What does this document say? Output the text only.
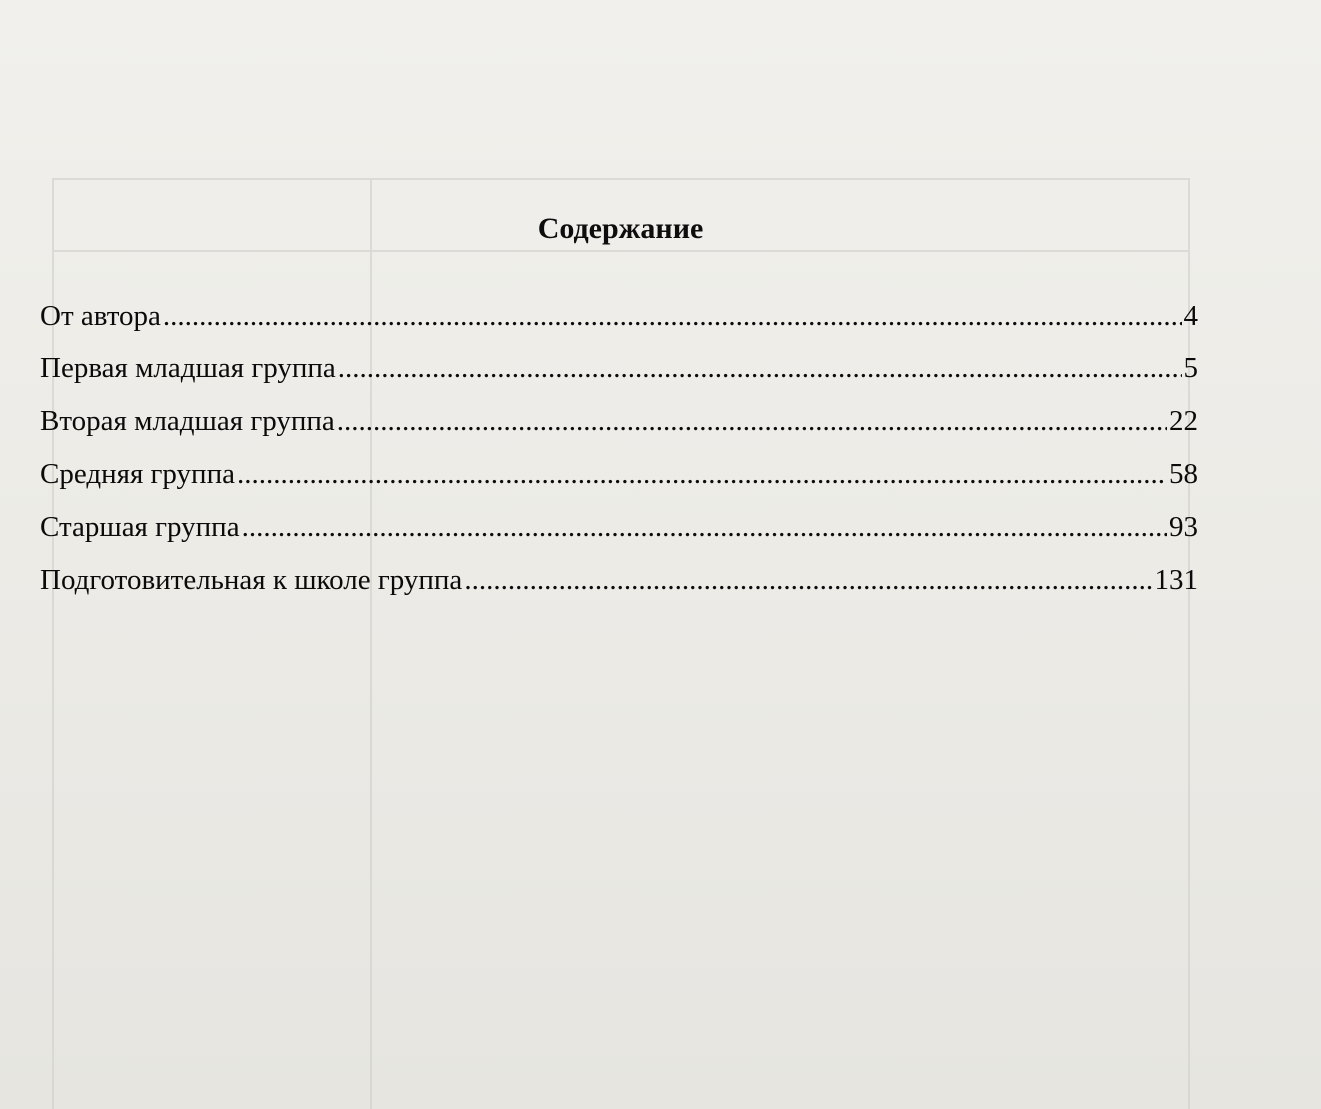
Содержание
От автора .....	4
Первая младшая группа .....	5
Вторая младшая группа .....	22
Средняя группа .....	58
Старшая группа .....	93
Подготовительная к школе группа .....	131
